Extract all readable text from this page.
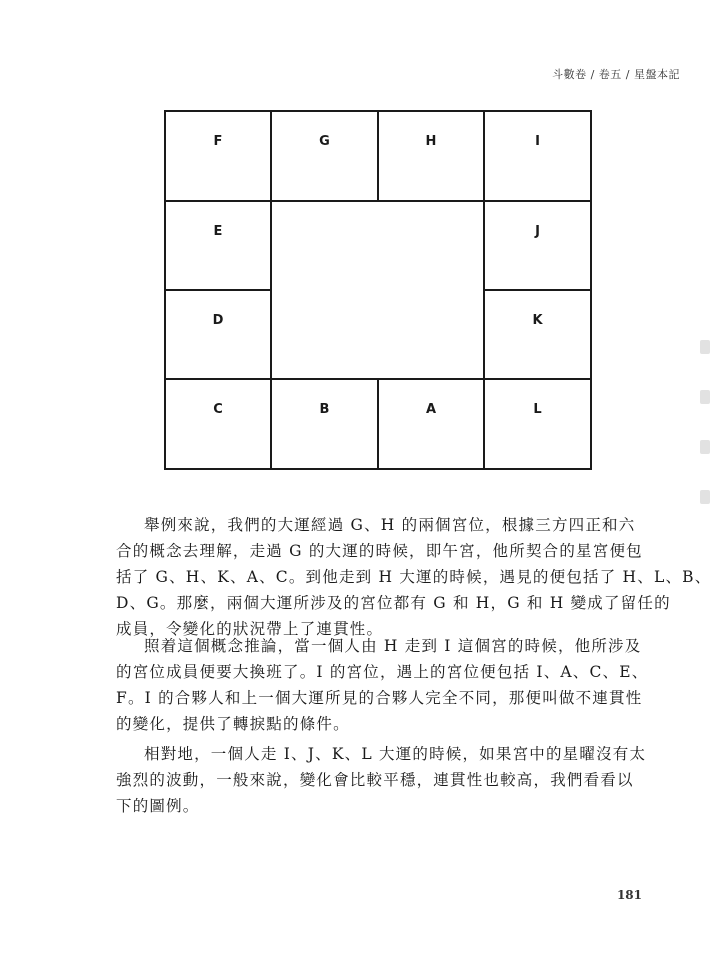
斗數卷 / 卷五 / 星盤本記
F	G	H	I
E	J
D	K
C	B	A	L

舉例來說，我們的大運經過 G、H 的兩個宮位，根據三方四正和六
合的概念去理解，走過 G 的大運的時候，即午宮，他所契合的星宮便包
括了 G、H、K、A、C。到他走到 H 大運的時候，遇見的便包括了 H、L、B、
D、G。那麼，兩個大運所涉及的宮位都有 G 和 H，G 和 H 變成了留任的
成員，令變化的狀況帶上了連貫性。

照着這個概念推論，當一個人由 H 走到 I 這個宮的時候，他所涉及
的宮位成員便要大換班了。I 的宮位，遇上的宮位便包括 I、A、C、E、
F。I 的合夥人和上一個大運所見的合夥人完全不同，那便叫做不連貫性
的變化，提供了轉捩點的條件。

相對地，一個人走 I、J、K、L 大運的時候，如果宮中的星曜沒有太
強烈的波動，一般來說，變化會比較平穩，連貫性也較高，我們看看以
下的圖例。

181
